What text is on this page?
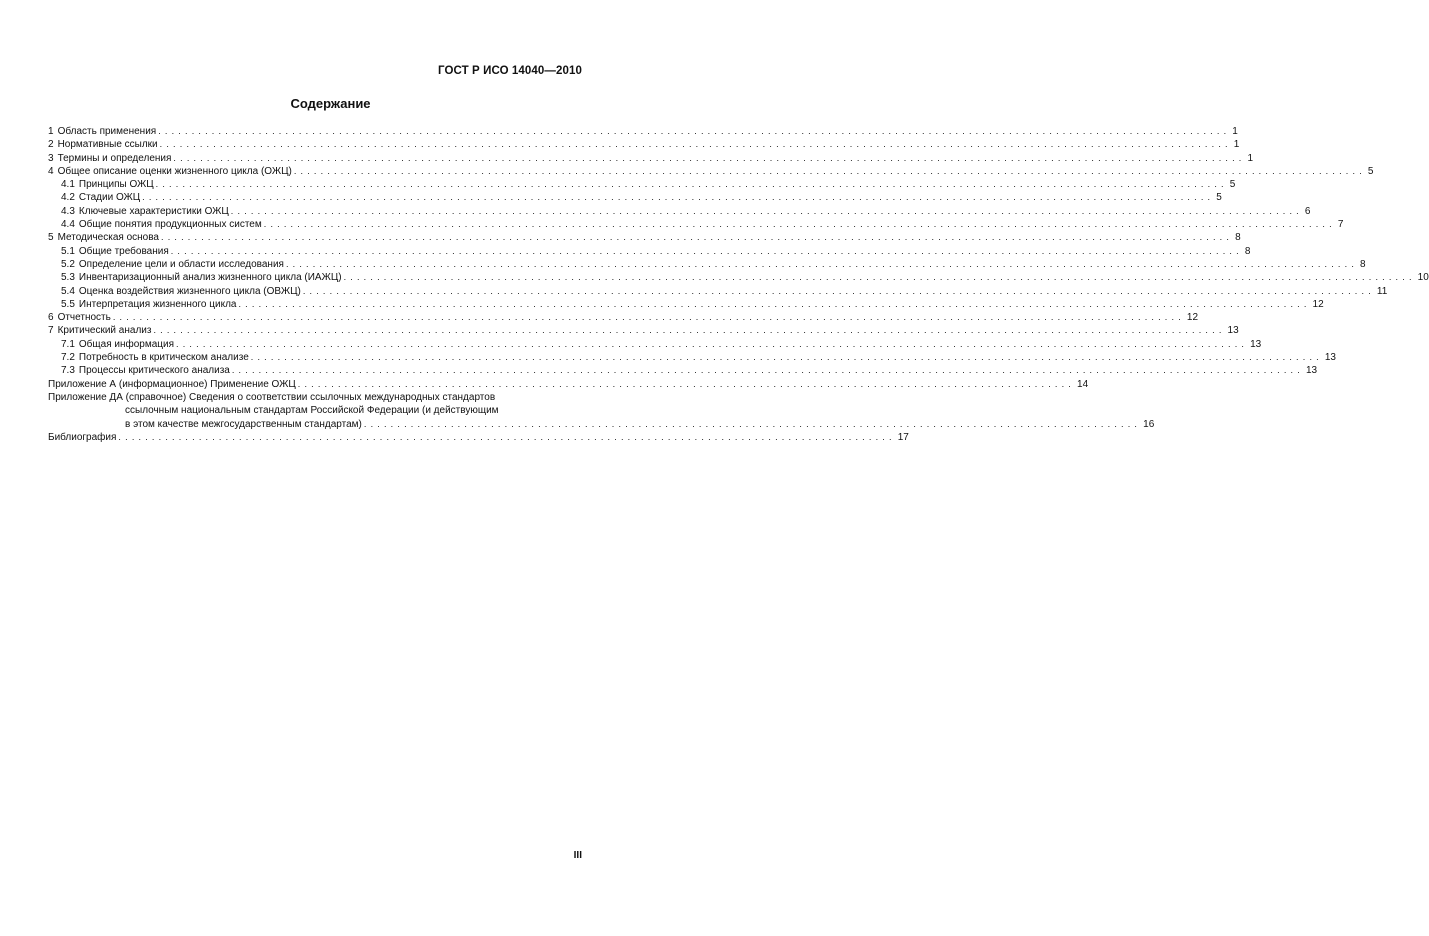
ГОСТ Р ИСО 14040—2010
Содержание
1 Область применения ................................................................................................................................................................ 1
2 Нормативные ссылки ................................................................................................................................................................ 1
3 Термины и определения ................................................................................................................................................................ 1
4 Общее описание оценки жизненного цикла (ОЖЦ) ................................................................................................................................................................ 5
4.1 Принципы ОЖЦ ................................................................................................................................................................ 5
4.2 Стадии ОЖЦ ................................................................................................................................................................ 5
4.3 Ключевые характеристики ОЖЦ ................................................................................................................................................................ 6
4.4 Общие понятия продукционных систем ................................................................................................................................................................ 7
5 Методическая основа ................................................................................................................................................................ 8
5.1 Общие требования ................................................................................................................................................................ 8
5.2 Определение цели и области исследования ................................................................................................................................................................ 8
5.3 Инвентаризационный анализ жизненного цикла (ИАЖЦ) ................................................................................................................................................................ 10
5.4 Оценка воздействия жизненного цикла (ОВЖЦ) ................................................................................................................................................................ 11
5.5 Интерпретация жизненного цикла ................................................................................................................................................................ 12
6 Отчетность ................................................................................................................................................................ 12
7 Критический анализ ................................................................................................................................................................ 13
7.1 Общая информация ................................................................................................................................................................ 13
7.2 Потребность в критическом анализе ................................................................................................................................................................ 13
7.3 Процессы критического анализа ................................................................................................................................................................ 13
Приложение А (информационное) Применение ОЖЦ .................................................................................................................... 14
Приложение ДА (справочное) Сведения о соответствии ссылочных международных стандартов
ссылочным национальным стандартам Российской Федерации (и действующим
в этом качестве межгосударственным стандартам) .................................................................................................................... 16
Библиография .................................................................................................................... 17
III
